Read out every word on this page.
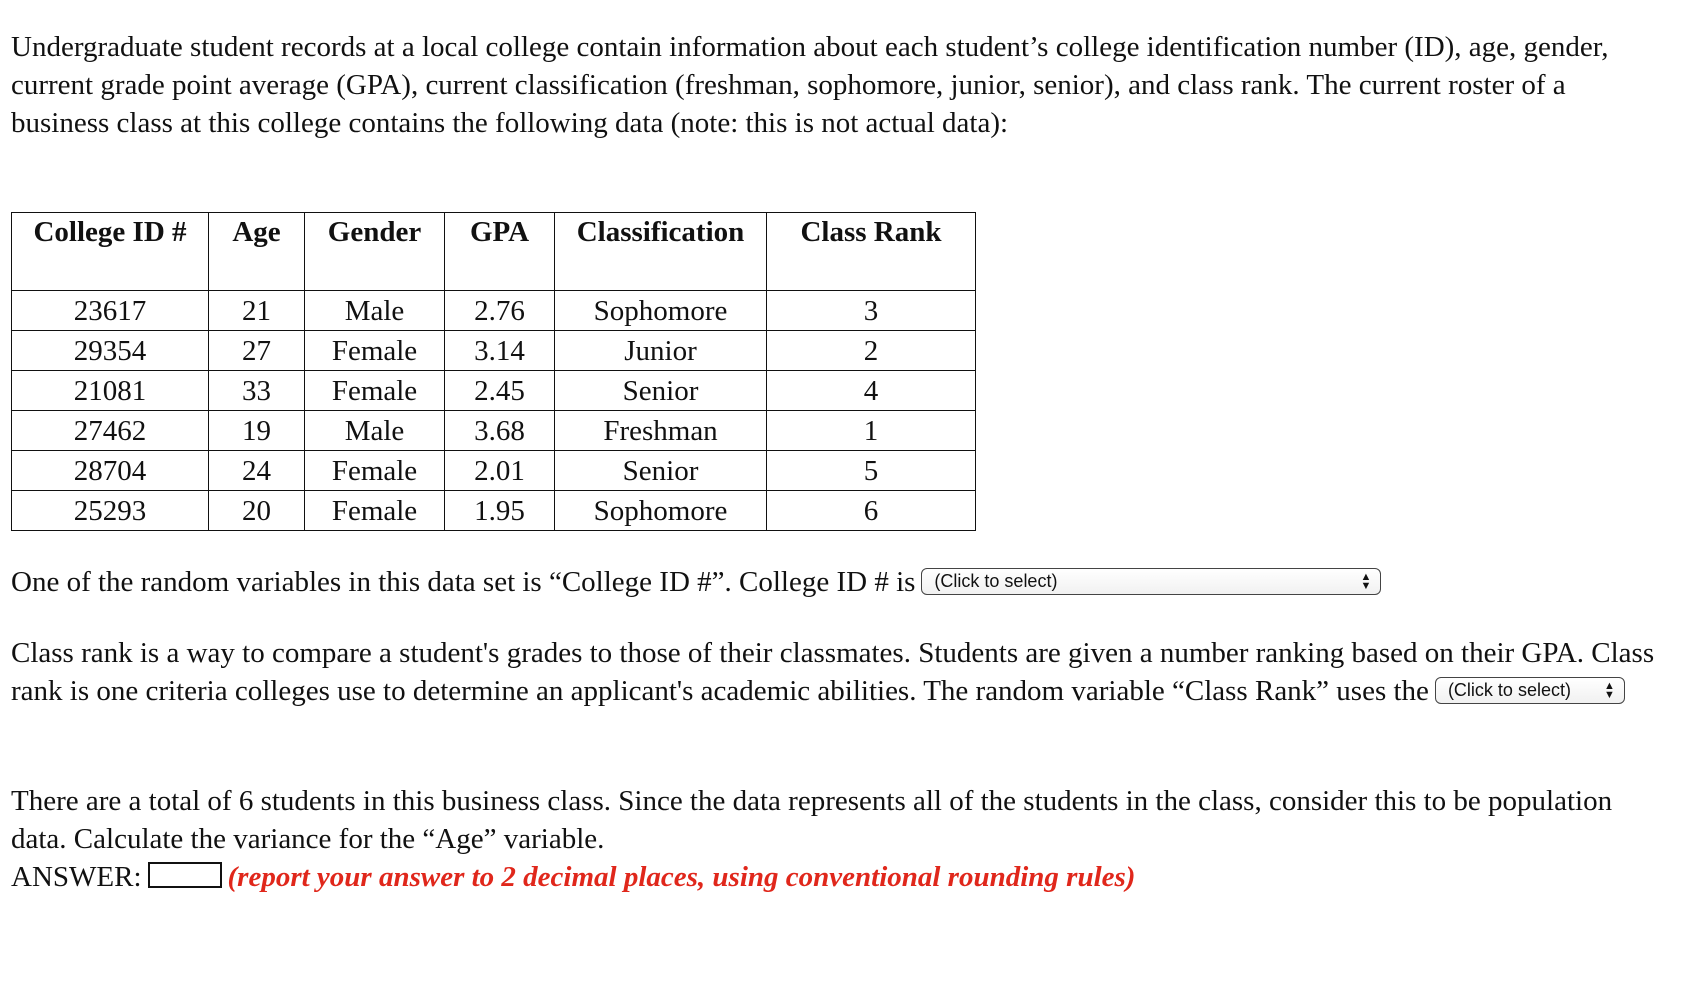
Undergraduate student records at a local college contain information about each student’s college identification number (ID), age, gender, current grade point average (GPA), current classification (freshman, sophomore, junior, senior), and class rank. The current roster of a business class at this college contains the following data (note: this is not actual data):

College ID #	Age	Gender	GPA	Classification	Class Rank
23617	21	Male	2.76	Sophomore	3
29354	27	Female	3.14	Junior	2
21081	33	Female	2.45	Senior	4
27462	19	Male	3.68	Freshman	1
28704	24	Female	2.01	Senior	5
25293	20	Female	1.95	Sophomore	6
One of the random variables in this data set is “College ID #”. College ID # is (Click to select)	▲
▼
Class rank is a way to compare a student's grades to those of their classmates. Students are given a number ranking based on their GPA. Class rank is one criteria colleges use to determine an applicant's academic abilities. The random variable “Class Rank” uses the (Click to select)	▲
▼

There are a total of 6 students in this business class. Since the data represents all of the students in the class, consider this to be population data. Calculate the variance for the “Age” variable.

ANSWER:	(report your answer to 2 decimal places, using conventional rounding rules)
